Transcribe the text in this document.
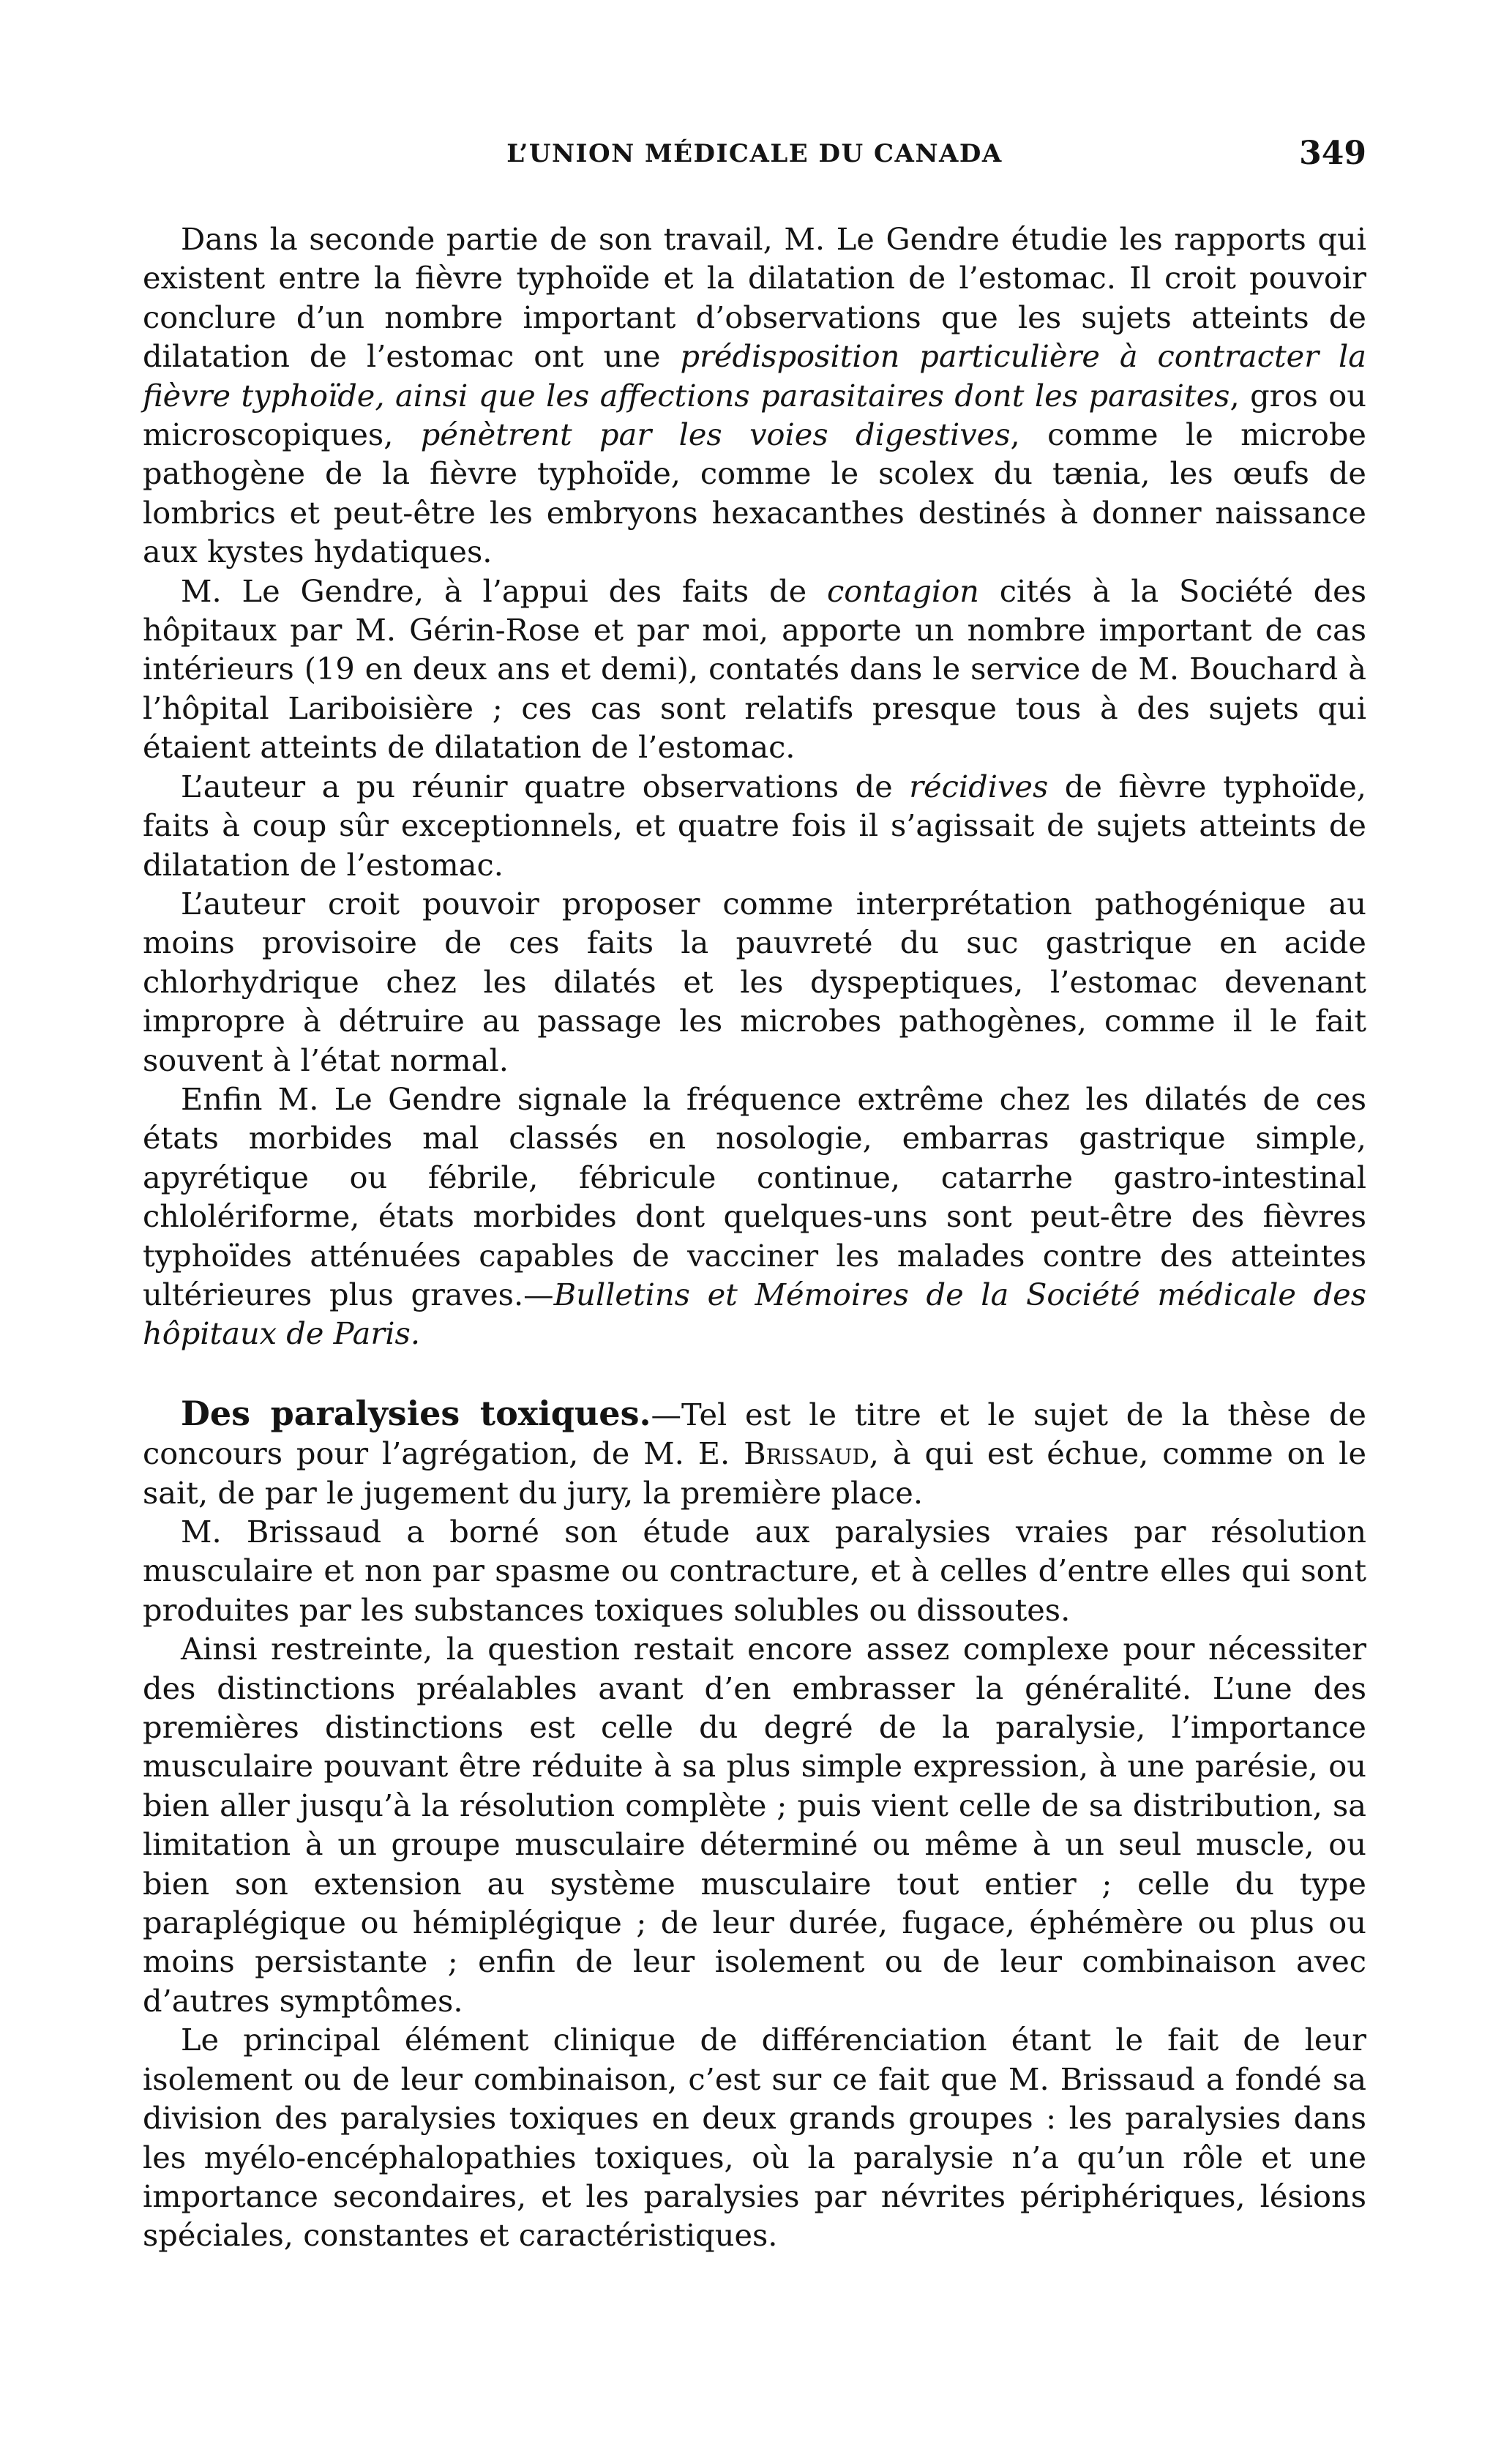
L’UNION MÉDICALE DU CANADA	349

Dans la seconde partie de son travail, M. Le Gendre étudie les rapports qui existent entre la fièvre typhoïde et la dilatation de l’estomac. Il croit pouvoir conclure d’un nombre important d’observations que les sujets atteints de dilatation de l’estomac ont une prédisposition particulière à contracter la fièvre typhoïde, ainsi que les affections parasitaires dont les parasites, gros ou microscopiques, pénètrent par les voies digestives, comme le microbe pathogène de la fièvre typhoïde, comme le scolex du tænia, les œufs de lombrics et peut-être les embryons hexacanthes destinés à donner naissance aux kystes hydatiques.

M. Le Gendre, à l’appui des faits de contagion cités à la Société des hôpitaux par M. Gérin-Rose et par moi, apporte un nombre important de cas intérieurs (19 en deux ans et demi), contatés dans le service de M. Bouchard à l’hôpital Lariboisière ; ces cas sont relatifs presque tous à des sujets qui étaient atteints de dilatation de l’estomac.

L’auteur a pu réunir quatre observations de récidives de fièvre typhoïde, faits à coup sûr exceptionnels, et quatre fois il s’agissait de sujets atteints de dilatation de l’estomac.

L’auteur croit pouvoir proposer comme interprétation pathogénique au moins provisoire de ces faits la pauvreté du suc gastrique en acide chlorhydrique chez les dilatés et les dyspeptiques, l’estomac devenant impropre à détruire au passage les microbes pathogènes, comme il le fait souvent à l’état normal.

Enfin M. Le Gendre signale la fréquence extrême chez les dilatés de ces états morbides mal classés en nosologie, embarras gastrique simple, apyrétique ou fébrile, fébricule continue, catarrhe gastro-intestinal chlolériforme, états morbides dont quelques-uns sont peut-être des fièvres typhoïdes atténuées capables de vacciner les malades contre des atteintes ultérieures plus graves.—Bulletins et Mémoires de la Société médicale des hôpitaux de Paris.

Des paralysies toxiques.—Tel est le titre et le sujet de la thèse de concours pour l’agrégation, de M. E. Brissaud, à qui est échue, comme on le sait, de par le jugement du jury, la première place.

M. Brissaud a borné son étude aux paralysies vraies par résolution musculaire et non par spasme ou contracture, et à celles d’entre elles qui sont produites par les substances toxiques solubles ou dissoutes.

Ainsi restreinte, la question restait encore assez complexe pour nécessiter des distinctions préalables avant d’en embrasser la généralité. L’une des premières distinctions est celle du degré de la paralysie, l’importance musculaire pouvant être réduite à sa plus simple expression, à une parésie, ou bien aller jusqu’à la résolution complète ; puis vient celle de sa distribution, sa limitation à un groupe musculaire déterminé ou même à un seul muscle, ou bien son extension au système musculaire tout entier ; celle du type paraplégique ou hémiplégique ; de leur durée, fugace, éphémère ou plus ou moins persistante ; enfin de leur isolement ou de leur combinaison avec d’autres symptômes.

Le principal élément clinique de différenciation étant le fait de leur isolement ou de leur combinaison, c’est sur ce fait que M. Brissaud a fondé sa division des paralysies toxiques en deux grands groupes : les paralysies dans les myélo-encéphalopathies toxiques, où la paralysie n’a qu’un rôle et une importance secondaires, et les paralysies par névrites périphériques, lésions spéciales, constantes et caractéristiques.
